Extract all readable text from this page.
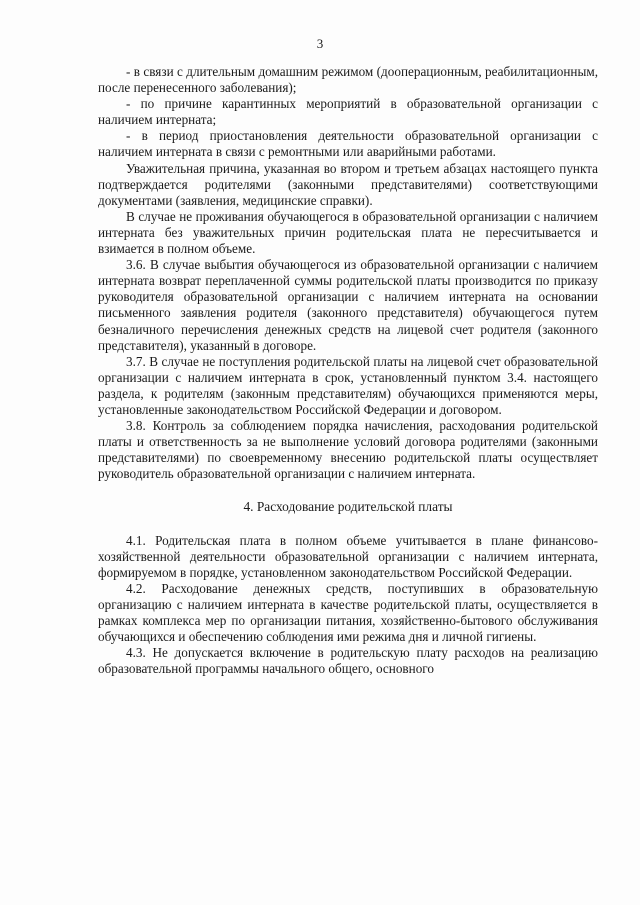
3

- в связи с длительным домашним режимом (дооперационным, реабилитационным, после перенесенного заболевания);

- по причине карантинных мероприятий в образовательной организации с наличием интерната;

- в период приостановления деятельности образовательной организации с наличием интерната в связи с ремонтными или аварийными работами.

Уважительная причина, указанная во втором и третьем абзацах настоящего пункта подтверждается родителями (законными представителями) соответствующими документами (заявления, медицинские справки).

В случае не проживания обучающегося в образовательной организации с наличием интерната без уважительных причин родительская плата не пересчитывается и взимается в полном объеме.

3.6. В случае выбытия обучающегося из образовательной организации с наличием интерната возврат переплаченной суммы родительской платы производится по приказу руководителя образовательной организации с наличием интерната на основании письменного заявления родителя (законного представителя) обучающегося путем безналичного перечисления денежных средств на лицевой счет родителя (законного представителя), указанный в договоре.

3.7. В случае не поступления родительской платы на лицевой счет образовательной организации с наличием интерната в срок, установленный пунктом 3.4. настоящего раздела, к родителям (законным представителям) обучающихся применяются меры, установленные законодательством Российской Федерации и договором.

3.8. Контроль за соблюдением порядка начисления, расходования родительской платы и ответственность за не выполнение условий договора родителями (законными представителями) по своевременному внесению родительской платы осуществляет руководитель образовательной организации с наличием интерната.

4. Расходование родительской платы

4.1. Родительская плата в полном объеме учитывается в плане финансово-хозяйственной деятельности образовательной организации с наличием интерната, формируемом в порядке, установленном законодательством Российской Федерации.

4.2. Расходование денежных средств, поступивших в образовательную организацию с наличием интерната в качестве родительской платы, осуществляется в рамках комплекса мер по организации питания, хозяйственно-бытового обслуживания обучающихся и обеспечению соблюдения ими режима дня и личной гигиены.

4.3. Не допускается включение в родительскую плату расходов на реализацию образовательной программы начального общего, основного
